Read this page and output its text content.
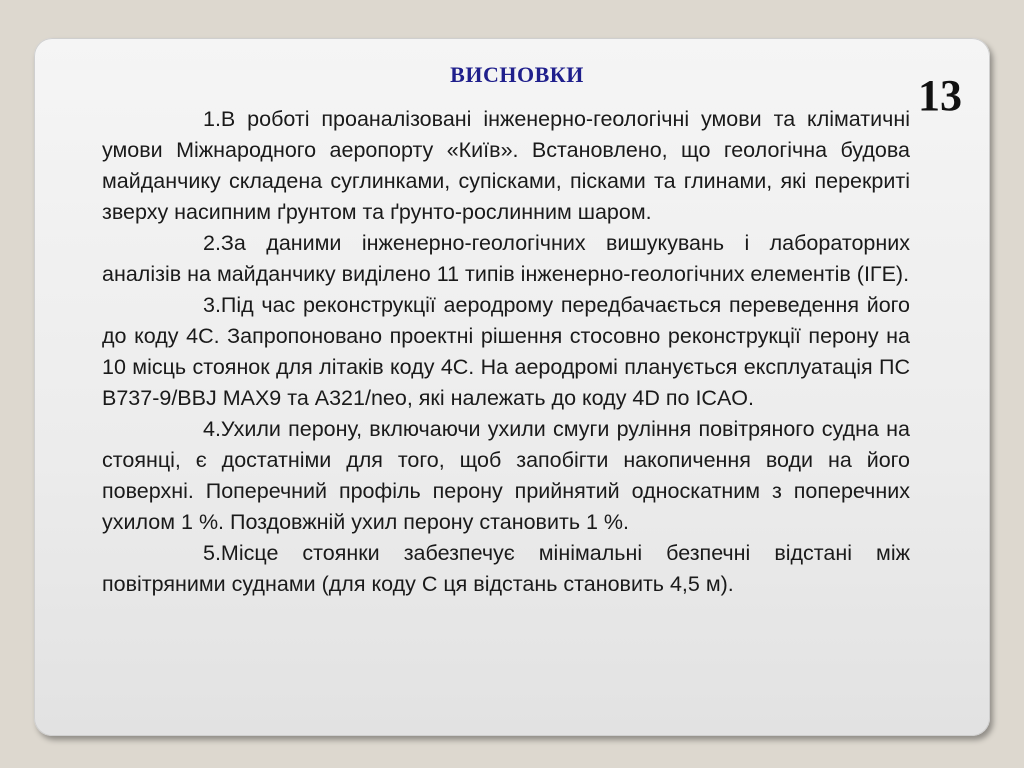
ВИСНОВКИ	13

1.В роботі проаналізовані інженерно-геологічні умови та кліматичні умови Міжнародного аеропорту «Київ». Встановлено, що геологічна будова майданчику складена суглинками, супісками, пісками та глинами, які перекриті зверху насипним ґрунтом та ґрунто-рослинним шаром.

2.За даними інженерно-геологічних вишукувань і лабораторних аналізів на майданчику виділено 11 типів інженерно-геологічних елементів (ІГЕ).

3.Під час реконструкції аеродрому передбачається переведення його до коду 4С. Запропоновано проектні рішення стосовно реконструкції перону на 10 місць стоянок для літаків коду 4С. На аеродромі планується експлуатація ПС B737-9/BBJ MAX9 та A321/neo, які належать до коду 4D по ICAO.

4.Ухили перону, включаючи ухили смуги руління повітряного судна на стоянці, є достатніми для того, щоб запобігти накопичення води на його поверхні. Поперечний профіль перону прийнятий односкатним з поперечних ухилом 1 %. Поздовжній ухил перону становить 1 %.

5.Місце стоянки забезпечує мінімальні безпечні відстані між повітряними суднами (для коду С ця відстань становить 4,5 м).
